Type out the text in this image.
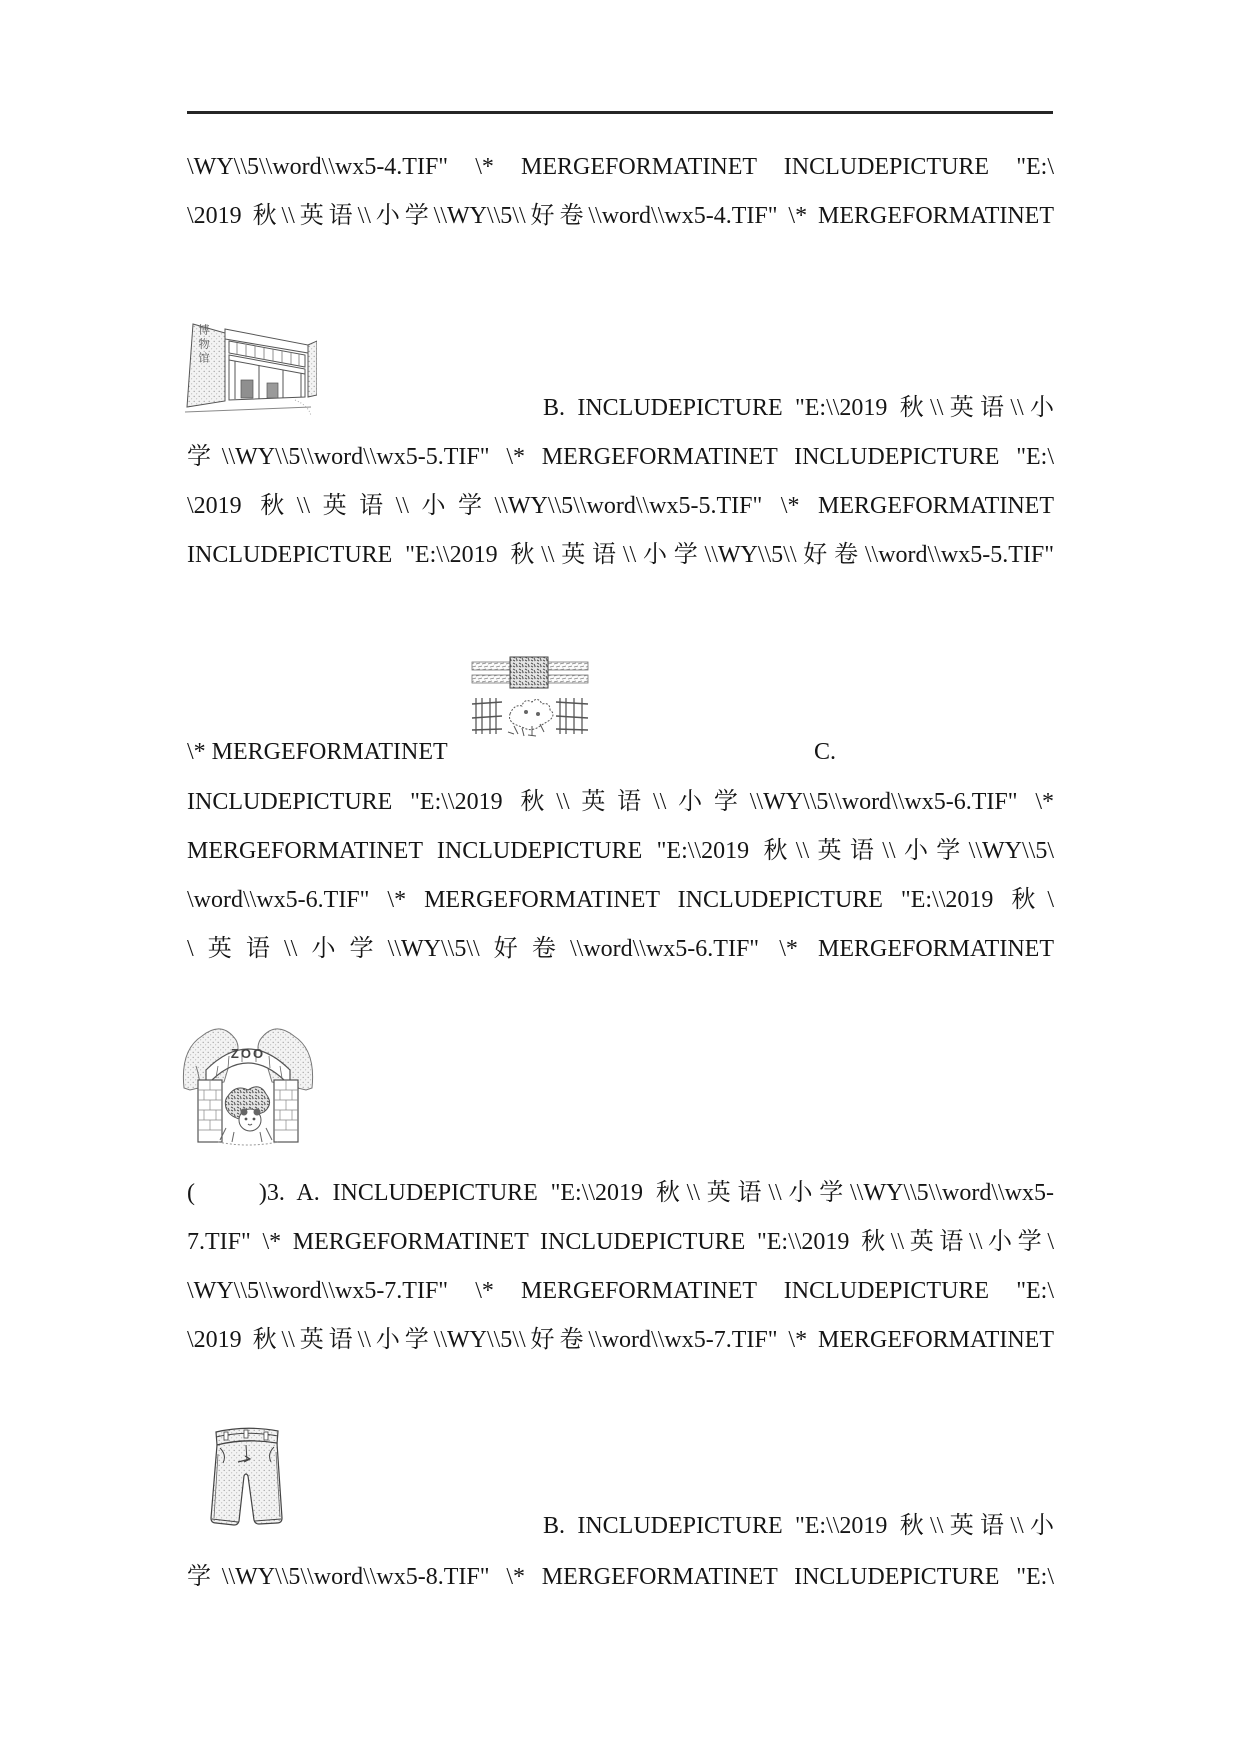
\WY\\5\\word\\wx5-4.TIF" \* MERGEFORMATINET INCLUDEPICTURE "E:\
\2019 秋\\英语\\小学\\WY\\5\\好卷\\word\\wx5-4.TIF" \* MERGEFORMATINET
博物馆
B. INCLUDEPICTURE "E:\\2019 秋\\英语\\小
学\\WY\\5\\word\\wx5-5.TIF" \* MERGEFORMATINET INCLUDEPICTURE "E:\
\2019 秋\\英语\\小学\\WY\\5\\word\\wx5-5.TIF" \* MERGEFORMATINET
INCLUDEPICTURE "E:\\2019 秋\\英语\\小学\\WY\\5\\好卷\\word\\wx5-5.TIF"
\* MERGEFORMATINET	C.
INCLUDEPICTURE "E:\\2019 秋\\英语\\小学\\WY\\5\\word\\wx5-6.TIF" \*
MERGEFORMATINET INCLUDEPICTURE "E:\\2019 秋\\英语\\小学\\WY\\5\
\word\\wx5-6.TIF" \* MERGEFORMATINET INCLUDEPICTURE "E:\\2019 秋\
\英语\\小学\\WY\\5\\好卷\\word\\wx5-6.TIF" \* MERGEFORMATINET
ZOO
(     )3. A. INCLUDEPICTURE "E:\\2019 秋\\英语\\小学\\WY\\5\\word\\wx5-
7.TIF" \* MERGEFORMATINET INCLUDEPICTURE "E:\\2019 秋\\英语\\小学\
\WY\\5\\word\\wx5-7.TIF" \* MERGEFORMATINET INCLUDEPICTURE "E:\
\2019 秋\\英语\\小学\\WY\\5\\好卷\\word\\wx5-7.TIF" \* MERGEFORMATINET
B. INCLUDEPICTURE "E:\\2019 秋\\英语\\小
学\\WY\\5\\word\\wx5-8.TIF" \* MERGEFORMATINET INCLUDEPICTURE "E:\
